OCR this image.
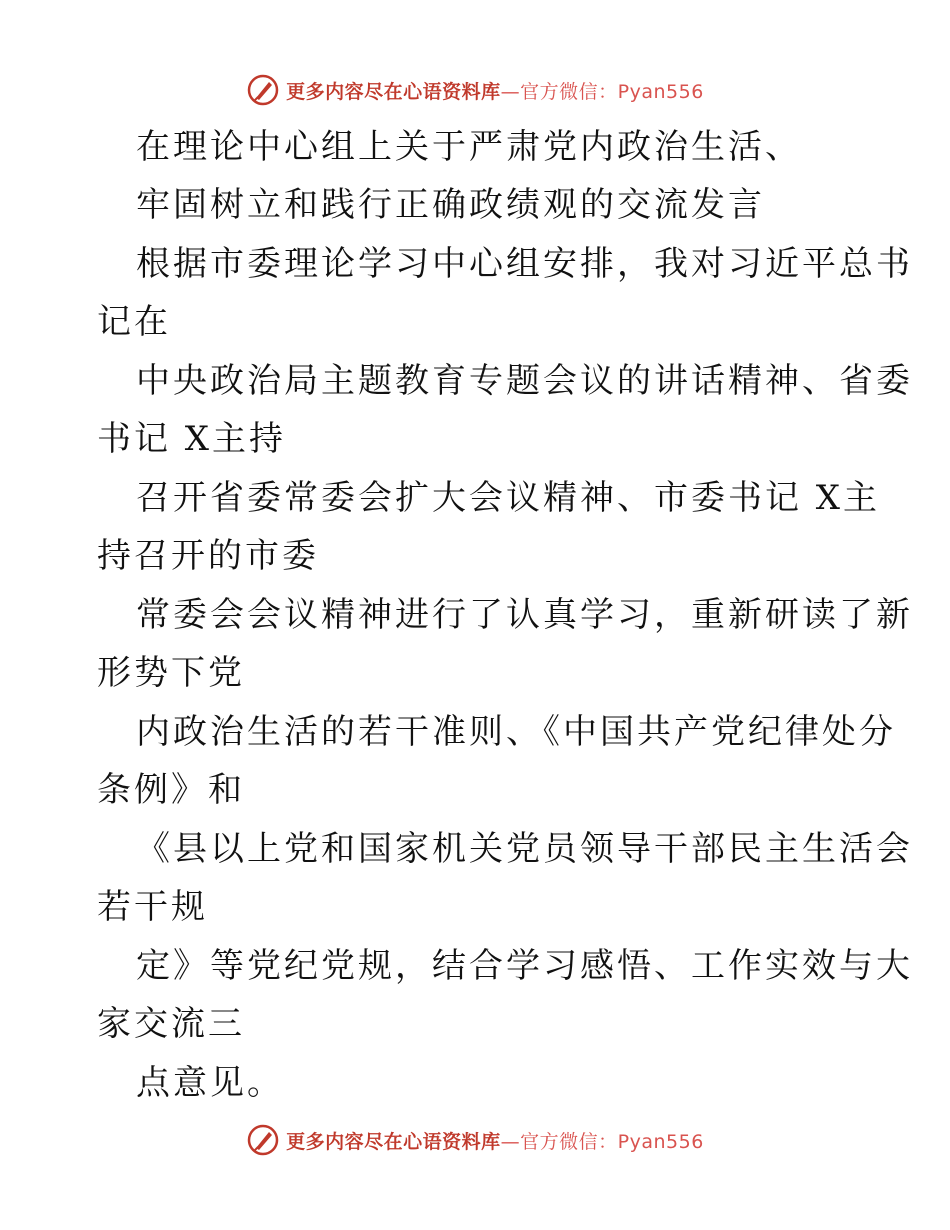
更多内容尽在心语资料库—官方微信：Pyan556
在理论中心组上关于严肃党内政治生活、
牢固树立和践行正确政绩观的交流发言
根据市委理论学习中心组安排，我对习近平总书
记在
中央政治局主题教育专题会议的讲话精神、省委
书记 X主持
召开省委常委会扩大会议精神、市委书记 X主
持召开的市委
常委会会议精神进行了认真学习，重新研读了新
形势下党
内政治生活的若干准则、《中国共产党纪律处分
条例》和
《县以上党和国家机关党员领导干部民主生活会
若干规
定》等党纪党规，结合学习感悟、工作实效与大
家交流三
点意见。
更多内容尽在心语资料库—官方微信：Pyan556
